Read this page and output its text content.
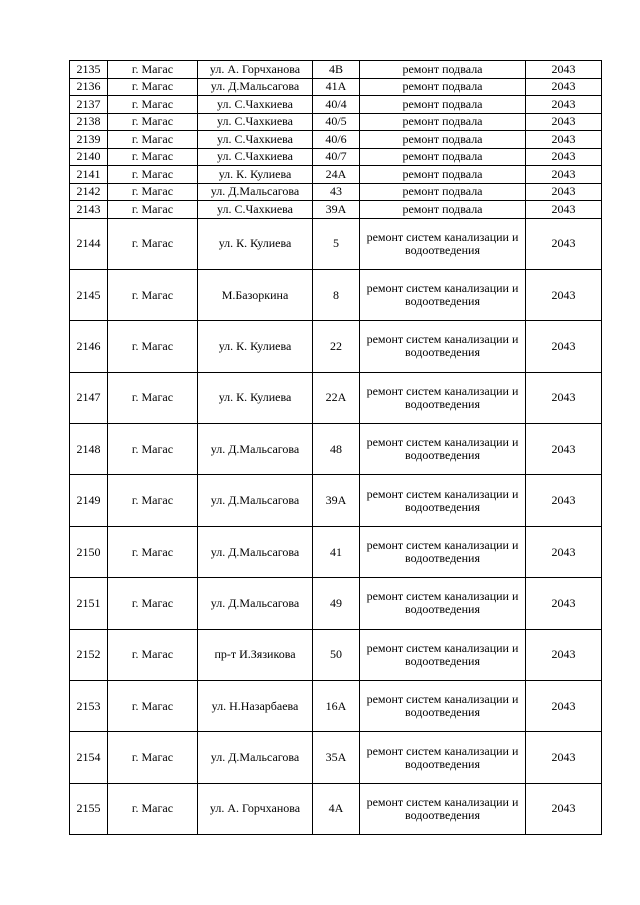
2135	г. Магас	ул. А. Горчханова	4В	ремонт подвала	2043
2136	г. Магас	ул. Д.Мальсагова	41А	ремонт подвала	2043
2137	г. Магас	ул. С.Чахкиева	40/4	ремонт подвала	2043
2138	г. Магас	ул. С.Чахкиева	40/5	ремонт подвала	2043
2139	г. Магас	ул. С.Чахкиева	40/6	ремонт подвала	2043
2140	г. Магас	ул. С.Чахкиева	40/7	ремонт подвала	2043
2141	г. Магас	ул. К. Кулиева	24А	ремонт подвала	2043
2142	г. Магас	ул. Д.Мальсагова	43	ремонт подвала	2043
2143	г. Магас	ул. С.Чахкиева	39А	ремонт подвала	2043
2144	г. Магас	ул. К. Кулиева	5	ремонт систем канализации и водоотведения	2043
2145	г. Магас	М.Базоркина	8	ремонт систем канализации и водоотведения	2043
2146	г. Магас	ул. К. Кулиева	22	ремонт систем канализации и водоотведения	2043
2147	г. Магас	ул. К. Кулиева	22А	ремонт систем канализации и водоотведения	2043
2148	г. Магас	ул. Д.Мальсагова	48	ремонт систем канализации и водоотведения	2043
2149	г. Магас	ул. Д.Мальсагова	39А	ремонт систем канализации и водоотведения	2043
2150	г. Магас	ул. Д.Мальсагова	41	ремонт систем канализации и водоотведения	2043
2151	г. Магас	ул. Д.Мальсагова	49	ремонт систем канализации и водоотведения	2043
2152	г. Магас	пр-т И.Зязикова	50	ремонт систем канализации и водоотведения	2043
2153	г. Магас	ул. Н.Назарбаева	16А	ремонт систем канализации и водоотведения	2043
2154	г. Магас	ул. Д.Мальсагова	35А	ремонт систем канализации и водоотведения	2043
2155	г. Магас	ул. А. Горчханова	4А	ремонт систем канализации и водоотведения	2043
